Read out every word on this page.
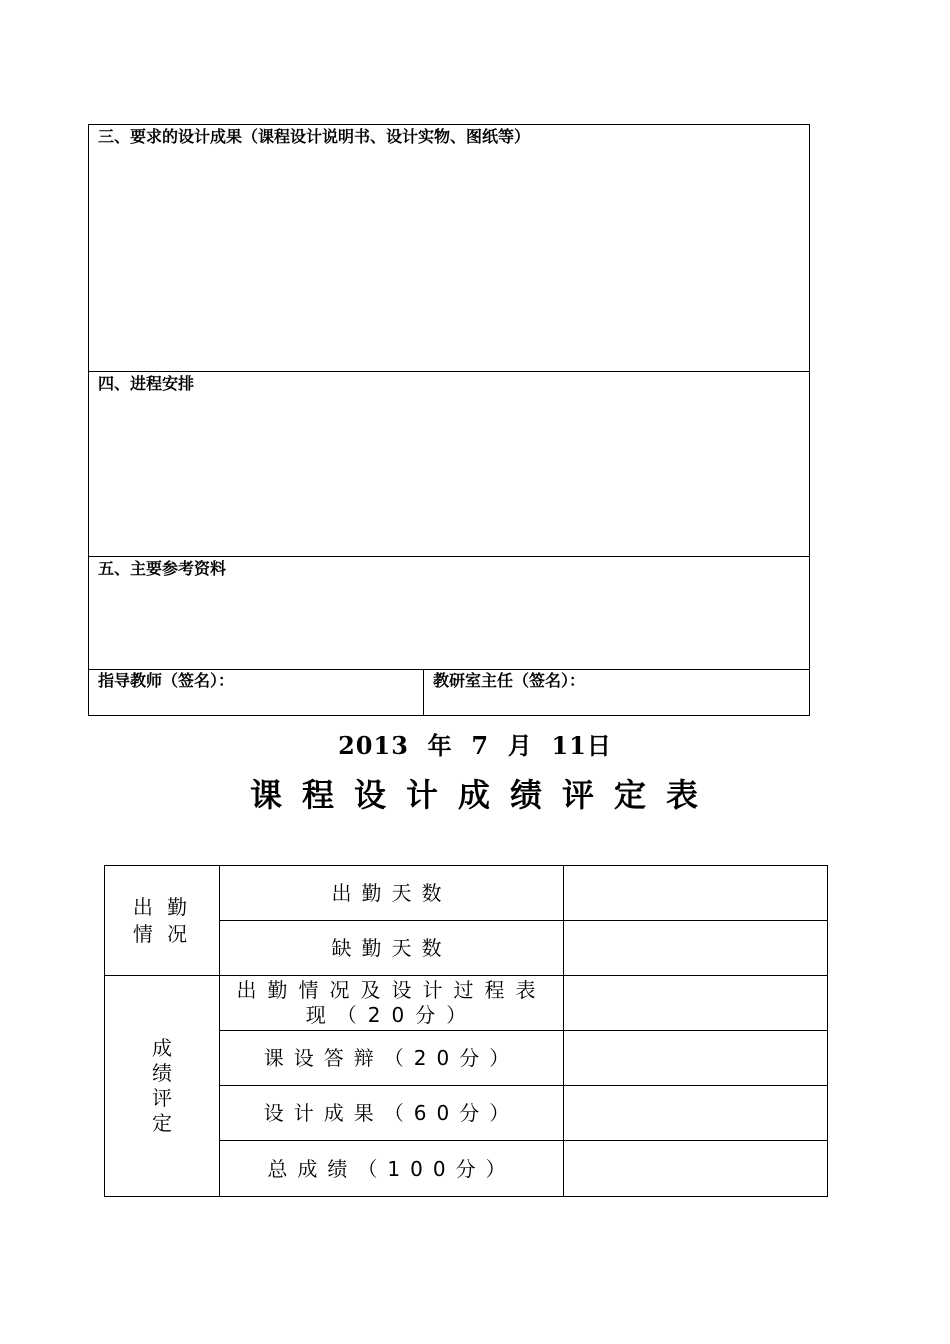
三、要求的设计成果（课程设计说明书、设计实物、图纸等）
四、进程安排
五、主要参考资料
指导教师（签名）：	教研室主任（签名）：
2013 年 7 月 11日
课程设计成绩评定表
出 勤
情 况
成绩评定
出勤天数
缺勤天数
出勤情况及设计过程表现（20分）
课设答辩（20分）
设计成果（60分）
总成绩（100分）
